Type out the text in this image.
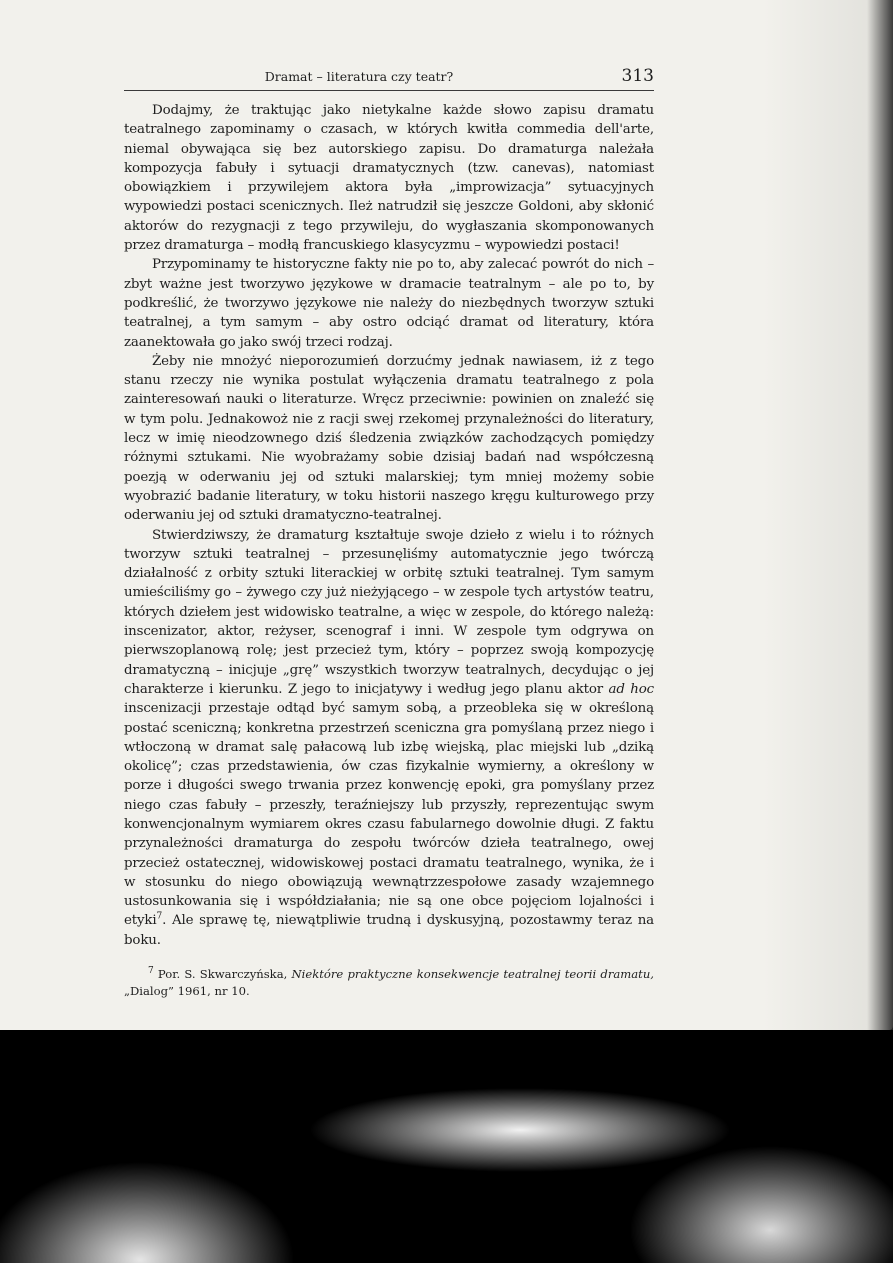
Dramat – literatura czy teatr?	313

Dodajmy, że traktując jako nietykalne każde słowo zapisu dramatu teatralnego zapominamy o czasach, w których kwitła commedia dell'arte, niemal obywająca się bez autorskiego zapisu. Do dramaturga należała kompozycja fabuły i sytuacji dramatycznych (tzw. canevas), natomiast obowiązkiem i przywilejem aktora była „improwizacja” sytuacyjnych wypowiedzi postaci scenicznych. Ileż natrudził się jeszcze Goldoni, aby skłonić aktorów do rezygnacji z tego przywileju, do wygłaszania skomponowanych przez dramaturga – modłą francuskiego klasycyzmu – wypowiedzi postaci!

Przypominamy te historyczne fakty nie po to, aby zalecać powrót do nich – zbyt ważne jest tworzywo językowe w dramacie teatralnym – ale po to, by podkreślić, że tworzywo językowe nie należy do niezbędnych tworzyw sztuki teatralnej, a tym samym – aby ostro odciąć dramat od literatury, która zaanektowała go jako swój trzeci rodzaj.

Żeby nie mnożyć nieporozumień dorzućmy jednak nawiasem, iż z tego stanu rzeczy nie wynika postulat wyłączenia dramatu teatralnego z pola zainteresowań nauki o literaturze. Wręcz przeciwnie: powinien on znaleźć się w tym polu. Jednakowoż nie z racji swej rzekomej przynależności do literatury, lecz w imię nieodzownego dziś śledzenia związków zachodzących pomiędzy różnymi sztukami. Nie wyobrażamy sobie dzisiaj badań nad współczesną poezją w oderwaniu jej od sztuki malarskiej; tym mniej możemy sobie wyobrazić badanie literatury, w toku historii naszego kręgu kulturowego przy oderwaniu jej od sztuki dramatyczno-teatralnej.

Stwierdziwszy, że dramaturg kształtuje swoje dzieło z wielu i to różnych tworzyw sztuki teatralnej – przesunęliśmy automatycznie jego twórczą działalność z orbity sztuki literackiej w orbitę sztuki teatralnej. Tym samym umieściliśmy go – żywego czy już nieżyjącego – w zespole tych artystów teatru, których dziełem jest widowisko teatralne, a więc w zespole, do którego należą: inscenizator, aktor, reżyser, scenograf i inni. W zespole tym odgrywa on pierwszoplanową rolę; jest przecież tym, który – poprzez swoją kompozycję dramatyczną – inicjuje „grę” wszystkich tworzyw teatralnych, decydując o jej charakterze i kierunku. Z jego to inicjatywy i według jego planu aktor ad hoc inscenizacji przestaje odtąd być samym sobą, a przeobleka się w określoną postać sceniczną; konkretna przestrzeń sceniczna gra pomyślaną przez niego i wtłoczoną w dramat salę pałacową lub izbę wiejską, plac miejski lub „dziką okolicę”; czas przedstawienia, ów czas fizykalnie wymierny, a określony w porze i długości swego trwania przez konwencję epoki, gra pomyślany przez niego czas fabuły – przeszły, teraźniejszy lub przyszły, reprezentując swym konwencjonalnym wymiarem okres czasu fabularnego dowolnie długi. Z faktu przynależności dramaturga do zespołu twórców dzieła teatralnego, owej przecież ostatecznej, widowiskowej postaci dramatu teatralnego, wynika, że i w stosunku do niego obowiązują wewnątrzzespołowe zasady wzajemnego ustosunkowania się i współdziałania; nie są one obce pojęciom lojalności i etyki$^7$. Ale sprawę tę, niewątpliwie trudną i dyskusyjną, pozostawmy teraz na boku.

$^7$ Por. S. Skwarczyńska, Niektóre praktyczne konsekwencje teatralnej teorii dramatu, „Dialog” 1961, nr 10.
